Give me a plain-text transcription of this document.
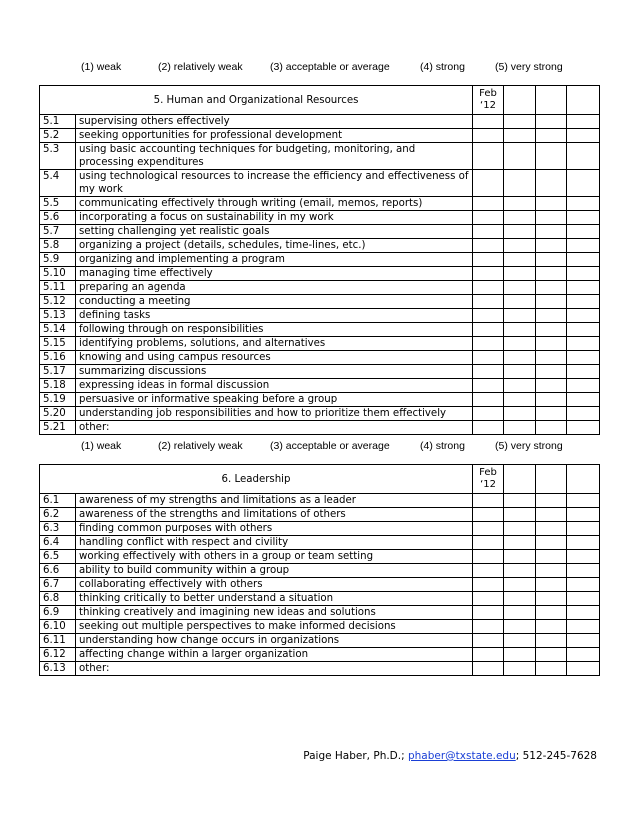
(1) weak	(2) relatively weak	(3) acceptable or average	(4) strong	(5) very strong
5. Human and Organizational Resources		Feb
‘12			

5.1	supervising others effectively				
5.2	seeking opportunities for professional development				
5.3	using basic accounting techniques for budgeting, monitoring, and processing expenditures				
5.4	using technological resources to increase the efficiency and effectiveness of my work				
5.5	communicating effectively through writing (email, memos, reports)				
5.6	incorporating a focus on sustainability in my work				
5.7	setting challenging yet realistic goals				
5.8	organizing a project (details, schedules, time-lines, etc.)				
5.9	organizing and implementing a program				
5.10	managing time effectively				
5.11	preparing an agenda				
5.12	conducting a meeting				
5.13	defining tasks				
5.14	following through on responsibilities				
5.15	identifying problems, solutions, and alternatives				
5.16	knowing and using campus resources				
5.17	summarizing discussions				
5.18	expressing ideas in formal discussion				
5.19	persuasive or informative speaking before a group				
5.20	understanding job responsibilities and how to prioritize them effectively				
5.21	other:				
(1) weak	(2) relatively weak	(3) acceptable or average	(4) strong	(5) very strong
6. Leadership		Feb
‘12			

6.1	awareness of my strengths and limitations as a leader				
6.2	awareness of the strengths and limitations of others				
6.3	finding common purposes with others				
6.4	handling conflict with respect and civility				
6.5	working effectively with others in a group or team setting				
6.6	ability to build community within a group				
6.7	collaborating effectively with others				
6.8	thinking critically to better understand a situation				
6.9	thinking creatively and imagining new ideas and solutions				
6.10	seeking out multiple perspectives to make informed decisions				
6.11	understanding how change occurs in organizations				
6.12	affecting change within a larger organization				
6.13	other:				
Paige Haber, Ph.D.; phaber@txstate.edu; 512-245-7628
